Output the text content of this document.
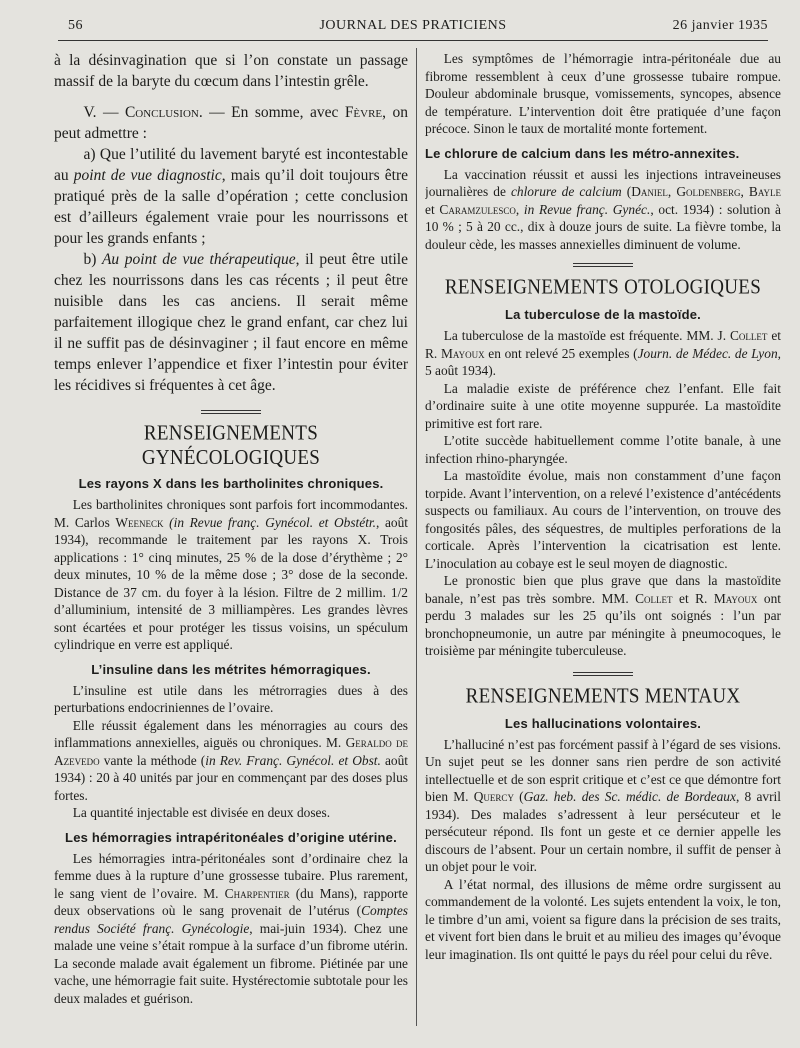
56	JOURNAL DES PRATICIENS	26 janvier 1935

à la désinvagination que si l’on constate un passage massif de la baryte du cœcum dans l’intestin grêle.

V. — Conclusion. — En somme, avec Fèvre, on peut admettre :

a) Que l’utilité du lavement baryté est incontestable au point de vue diagnostic, mais qu’il doit toujours être pratiqué près de la salle d’opération ; cette conclusion est d’ailleurs également vraie pour les nourrissons et pour les grands enfants ;

b) Au point de vue thérapeutique, il peut être utile chez les nourrissons dans les cas récents ; il peut être nuisible dans les cas anciens. Il serait même parfaitement illogique chez le grand enfant, car chez lui il ne suffit pas de désinvaginer ; il faut encore en même temps enlever l’appendice et fixer l’intestin pour éviter les récidives si fréquentes à cet âge.

RENSEIGNEMENTS GYNÉCOLOGIQUES
Les rayons X dans les bartholinites chroniques.

Les bartholinites chroniques sont parfois fort incommodantes. M. Carlos Weeneck (in Revue franç. Gynécol. et Obstétr., août 1934), recommande le traitement par les rayons X. Trois applications : 1° cinq minutes, 25 % de la dose d’érythème ; 2° deux minutes, 10 % de la même dose ; 3° dose de la seconde. Distance de 37 cm. du foyer à la lésion. Filtre de 2 millim. 1/2 d’alluminium, intensité de 3 milliampères. Les grandes lèvres sont écartées et pour protéger les tissus voisins, un spéculum cylindrique en verre est appliqué.

L’insuline dans les métrites hémorragiques.

L’insuline est utile dans les métrorragies dues à des perturbations endocriniennes de l’ovaire.

Elle réussit également dans les ménorragies au cours des inflammations annexielles, aiguës ou chroniques. M. Geraldo de Azevedo vante la méthode (in Rev. Franç. Gynécol. et Obst. août 1934) : 20 à 40 unités par jour en commençant par des doses plus fortes.

La quantité injectable est divisée en deux doses.

Les hémorragies intrapéritonéales d’origine utérine.

Les hémorragies intra-péritonéales sont d’ordinaire chez la femme dues à la rupture d’une grossesse tubaire. Plus rarement, le sang vient de l’ovaire. M. Charpentier (du Mans), rapporte deux observations où le sang provenait de l’utérus (Comptes rendus Société franç. Gynécologie, mai-juin 1934). Chez une malade une veine s’était rompue à la surface d’un fibrome utérin. La seconde malade avait également un fibrome. Piétinée par une vache, une hémorragie fait suite. Hystérectomie subtotale pour les deux malades et guérison.

Les symptômes de l’hémorragie intra-péritonéale due au fibrome ressemblent à ceux d’une grossesse tubaire rompue. Douleur abdominale brusque, vomissements, syncopes, absence de température. L’intervention doit être pratiquée d’une façon précoce. Sinon le taux de mortalité monte fortement.

Le chlorure de calcium dans les métro-annexites.

La vaccination réussit et aussi les injections intraveineuses journalières de chlorure de calcium (Daniel, Goldenberg, Bayle et Caramzulesco, in Revue franç. Gynéc., oct. 1934) : solution à 10 % ; 5 à 20 cc., dix à douze jours de suite. La fièvre tombe, la douleur cède, les masses annexielles diminuent de volume.

RENSEIGNEMENTS OTOLOGIQUES
La tuberculose de la mastoïde.

La tuberculose de la mastoïde est fréquente. MM. J. Collet et R. Mayoux en ont relevé 25 exemples (Journ. de Médec. de Lyon, 5 août 1934).

La maladie existe de préférence chez l’enfant. Elle fait d’ordinaire suite à une otite moyenne suppurée. La mastoïdite primitive est fort rare.

L’otite succède habituellement comme l’otite banale, à une infection rhino-pharyngée.

La mastoïdite évolue, mais non constamment d’une façon torpide. Avant l’intervention, on a relevé l’existence d’antécédents suspects ou familiaux. Au cours de l’intervention, on trouve des fongosités pâles, des séquestres, de multiples perforations de la corticale. Après l’intervention la cicatrisation est lente. L’inoculation au cobaye est le seul moyen de diagnostic.

Le pronostic bien que plus grave que dans la mastoïdite banale, n’est pas très sombre. MM. Collet et R. Mayoux ont perdu 3 malades sur les 25 qu’ils ont soignés : l’un par bronchopneumonie, un autre par méningite à pneumocoques, le troisième par méningite tuberculeuse.

RENSEIGNEMENTS MENTAUX
Les hallucinations volontaires.

L’halluciné n’est pas forcément passif à l’égard de ses visions. Un sujet peut se les donner sans rien perdre de son activité intellectuelle et de son esprit critique et c’est ce que démontre fort bien M. Quercy (Gaz. heb. des Sc. médic. de Bordeaux, 8 avril 1934). Des malades s’adressent à leur persécuteur et le persécuteur répond. Ils font un geste et ce dernier appelle les discours de l’absent. Pour un certain nombre, il suffit de penser à un objet pour le voir.

A l’état normal, des illusions de même ordre surgissent au commandement de la volonté. Les sujets entendent la voix, le ton, le timbre d’un ami, voient sa figure dans la précision de ses traits, et vivent fort bien dans le bruit et au milieu des images qu’évoque leur imagination. Ils ont quitté le pays du réel pour celui du rêve.
